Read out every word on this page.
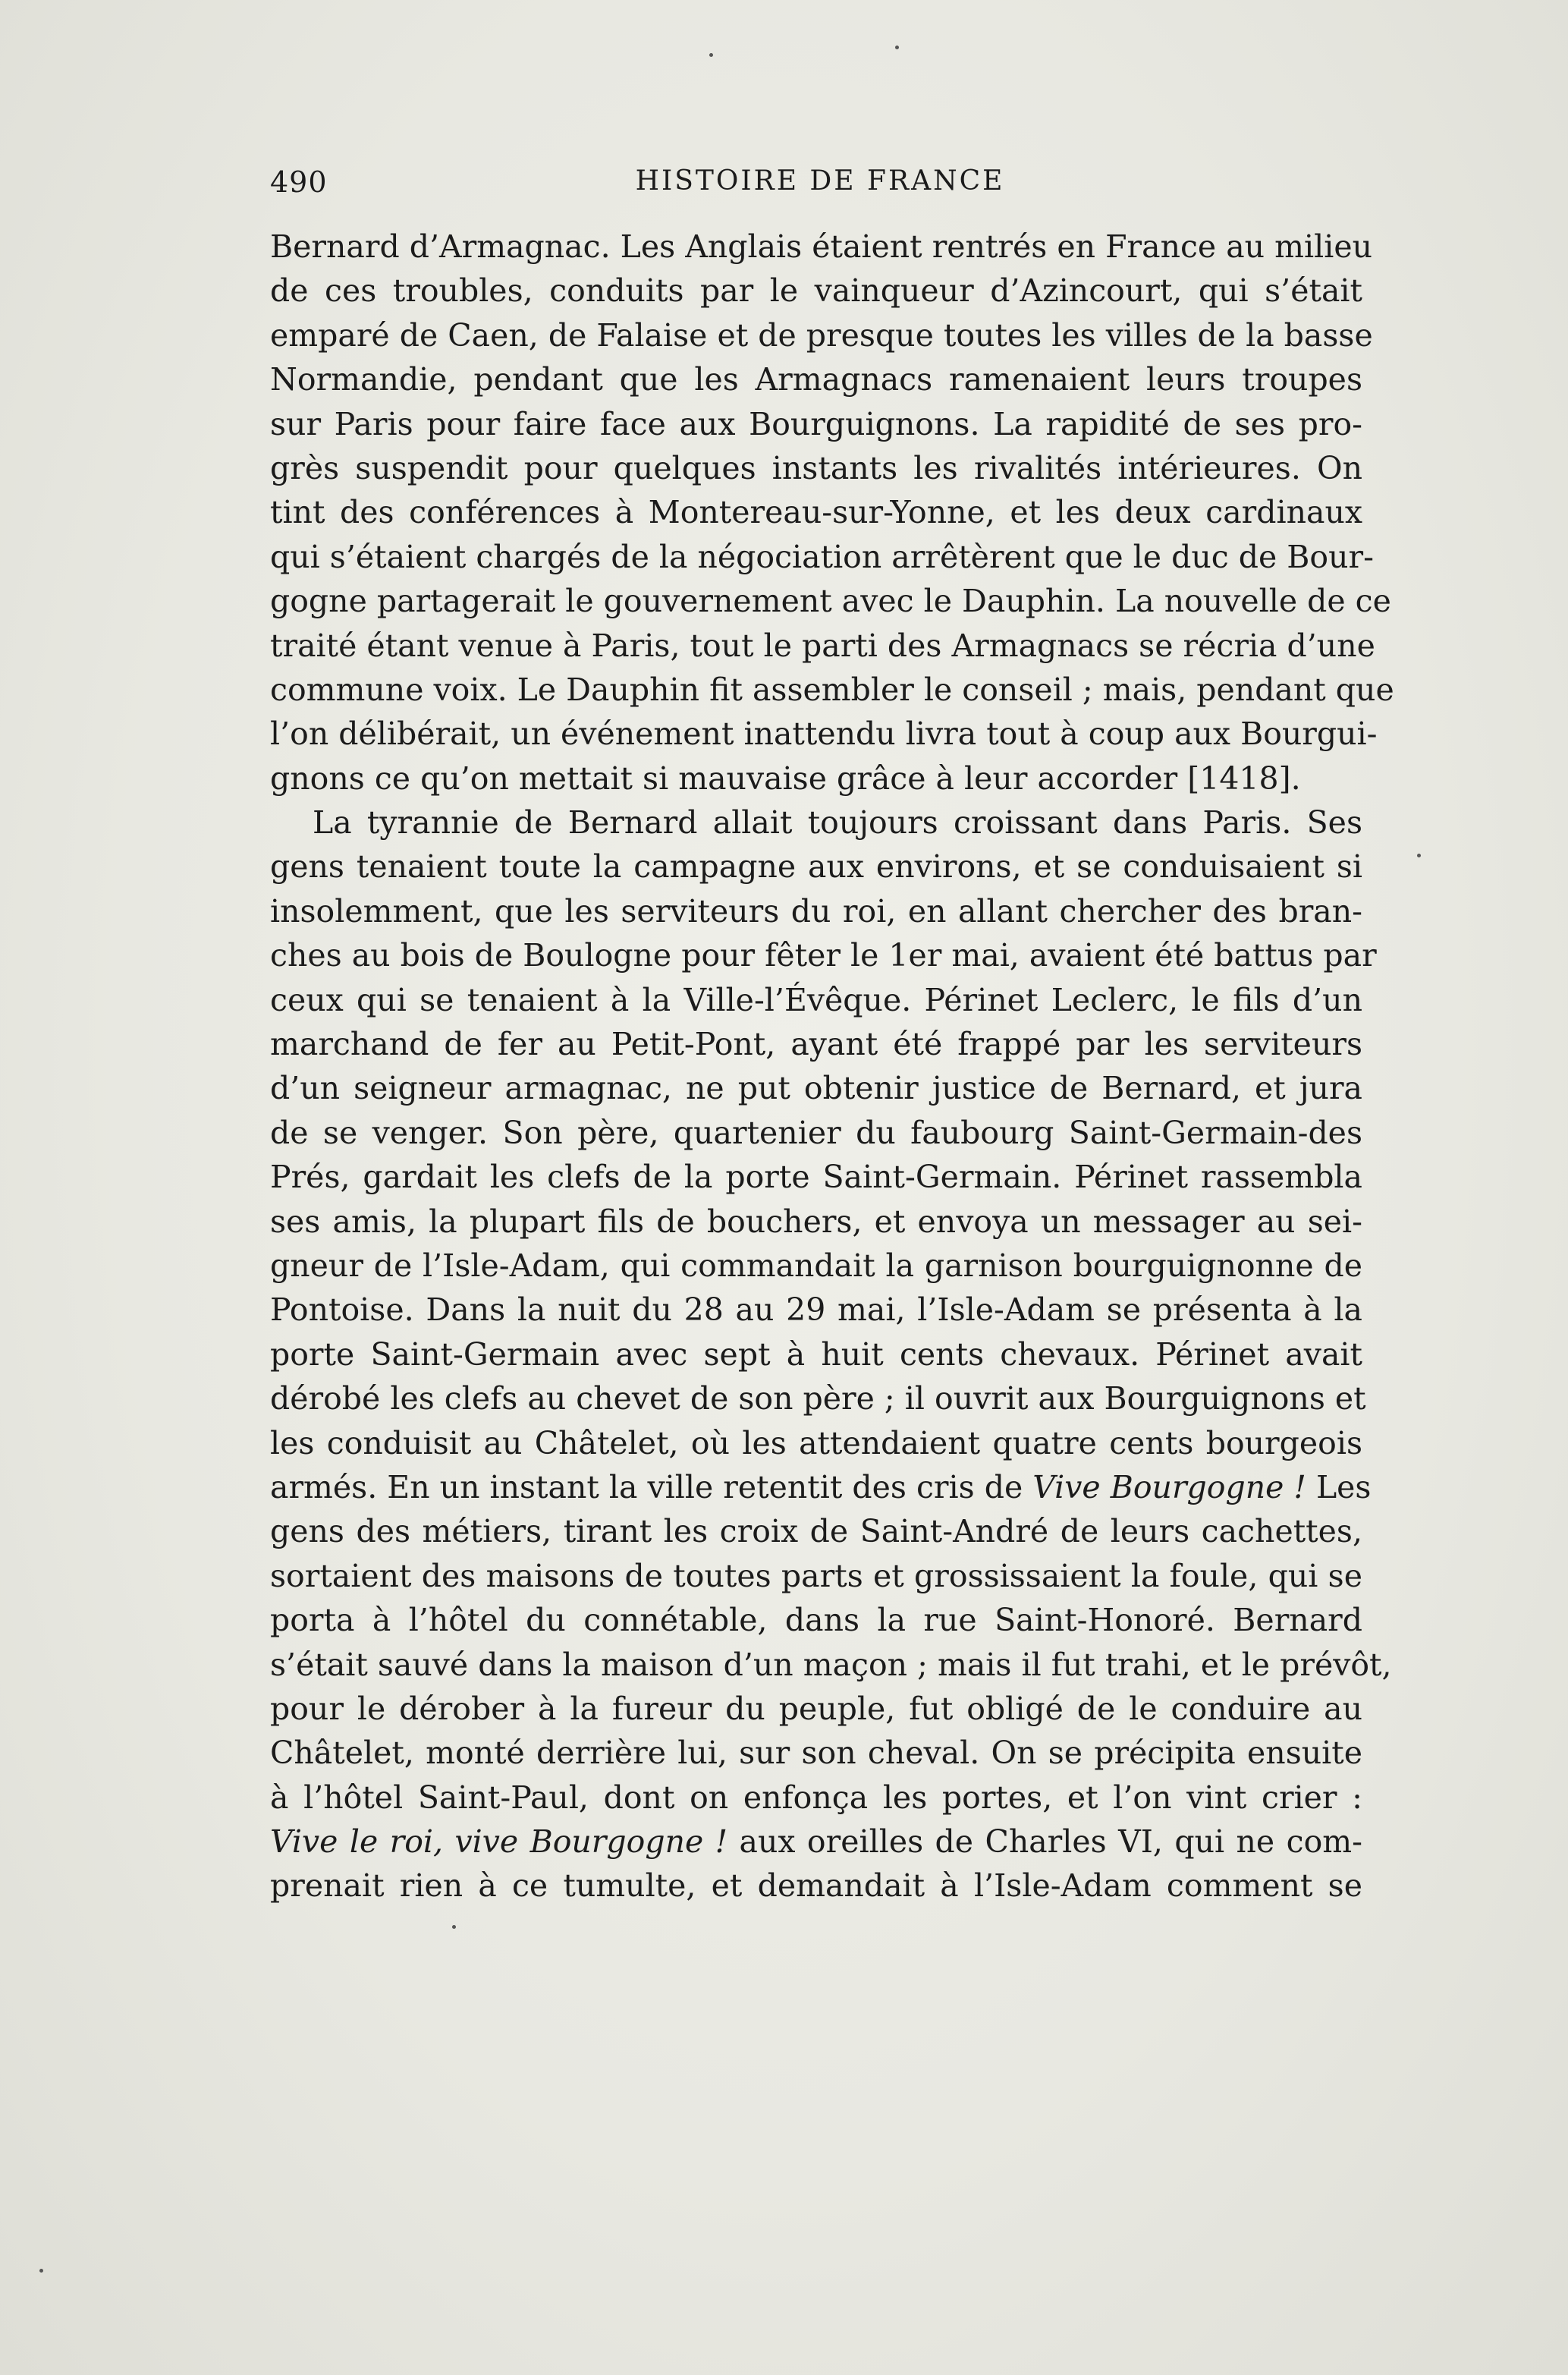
490	HISTOIRE DE FRANCE
Bernard d’Armagnac. Les Anglais étaient rentrés en France au milieu
de ces troubles, conduits par le vainqueur d’Azincourt, qui s’était
emparé de Caen, de Falaise et de presque toutes les villes de la basse
Normandie, pendant que les Armagnacs ramenaient leurs troupes
sur Paris pour faire face aux Bourguignons. La rapidité de ses pro-
grès suspendit pour quelques instants les rivalités intérieures. On
tint des conférences à Montereau-sur-Yonne, et les deux cardinaux
qui s’étaient chargés de la négociation arrêtèrent que le duc de Bour-
gogne partagerait le gouvernement avec le Dauphin. La nouvelle de ce
traité étant venue à Paris, tout le parti des Armagnacs se récria d’une
commune voix. Le Dauphin fit assembler le conseil ; mais, pendant que
l’on délibérait, un événement inattendu livra tout à coup aux Bourgui-
gnons ce qu’on mettait si mauvaise grâce à leur accorder [1418].
La tyrannie de Bernard allait toujours croissant dans Paris. Ses
gens tenaient toute la campagne aux environs, et se conduisaient si
insolemment, que les serviteurs du roi, en allant chercher des bran-
ches au bois de Boulogne pour fêter le 1er mai, avaient été battus par
ceux qui se tenaient à la Ville-l’Évêque. Périnet Leclerc, le fils d’un
marchand de fer au Petit-Pont, ayant été frappé par les serviteurs
d’un seigneur armagnac, ne put obtenir justice de Bernard, et jura
de se venger. Son père, quartenier du faubourg Saint-Germain-des
Prés, gardait les clefs de la porte Saint-Germain. Périnet rassembla
ses amis, la plupart fils de bouchers, et envoya un messager au sei-
gneur de l’Isle-Adam, qui commandait la garnison bourguignonne de
Pontoise. Dans la nuit du 28 au 29 mai, l’Isle-Adam se présenta à la
porte Saint-Germain avec sept à huit cents chevaux. Périnet avait
dérobé les clefs au chevet de son père ; il ouvrit aux Bourguignons et
les conduisit au Châtelet, où les attendaient quatre cents bourgeois
armés. En un instant la ville retentit des cris de Vive Bourgogne ! Les
gens des métiers, tirant les croix de Saint-André de leurs cachettes,
sortaient des maisons de toutes parts et grossissaient la foule, qui se
porta à l’hôtel du connétable, dans la rue Saint-Honoré. Bernard
s’était sauvé dans la maison d’un maçon ; mais il fut trahi, et le prévôt,
pour le dérober à la fureur du peuple, fut obligé de le conduire au
Châtelet, monté derrière lui, sur son cheval. On se précipita ensuite
à l’hôtel Saint-Paul, dont on enfonça les portes, et l’on vint crier :
Vive le roi, vive Bourgogne ! aux oreilles de Charles VI, qui ne com-
prenait rien à ce tumulte, et demandait à l’Isle-Adam comment se
